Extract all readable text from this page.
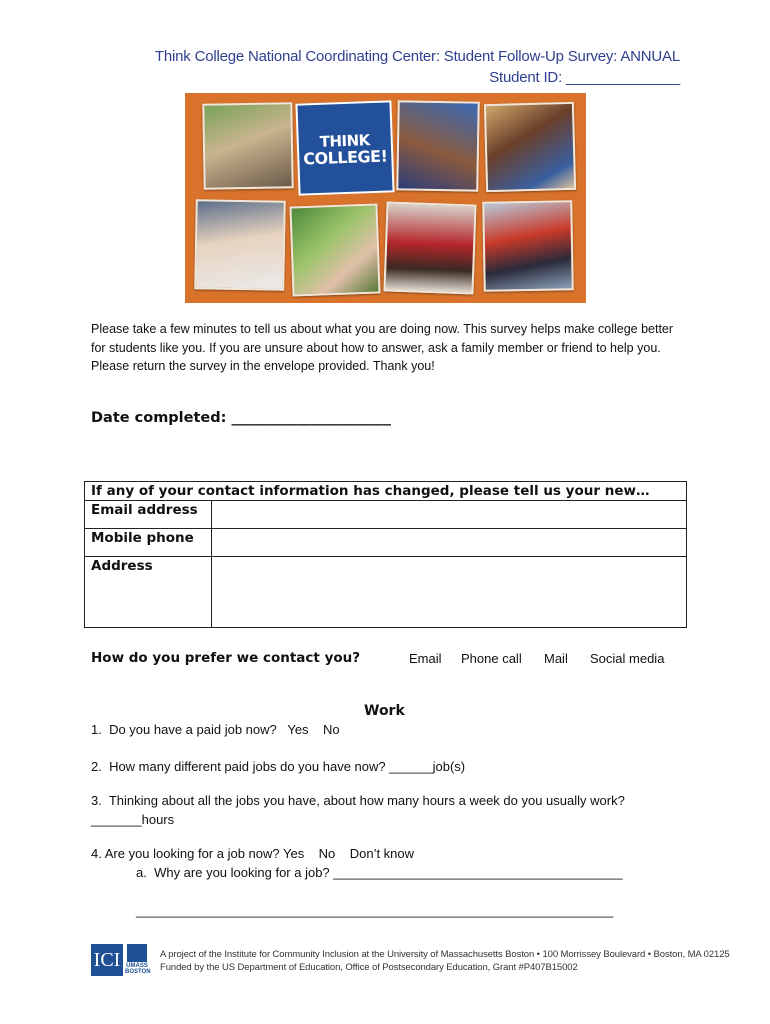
Think College National Coordinating Center: Student Follow-Up Survey: ANNUAL
Student ID: ______________
THINK
COLLEGE!
Please take a few minutes to tell us about what you are doing now. This survey helps make college better for students like you. If you are unsure about how to answer, ask a family member or friend to help you. Please return the survey in the envelope provided. Thank you!
Date completed: ______________________
If any of your contact information has changed, please tell us your new…	
Email address	
Mobile phone	
Address	
How do you prefer we contact you?	Email Phone call Mail Social media
Work
1.  Do you have a paid job now?   Yes    No
2.  How many different paid jobs do you have now? ______job(s)
3.  Thinking about all the jobs you have, about how many hours a week do you usually work?
_______hours
4. Are you looking for a job now? Yes    No    Don’t know
a.  Why are you looking for a job? ________________________________________
__________________________________________________________________
ICI UMASS BOSTON
A project of the Institute for Community Inclusion at the University of Massachusetts Boston • 100 Morrissey Boulevard • Boston, MA 02125
Funded by the US Department of Education, Office of Postsecondary Education, Grant #P407B15002
